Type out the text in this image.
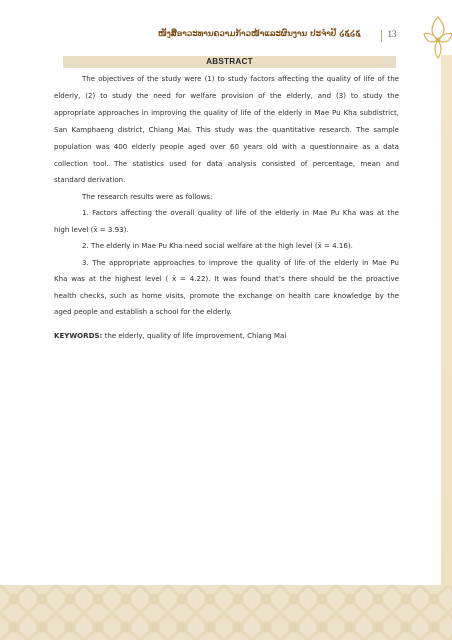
ໜັງສືອາວະທານຄວາມກ້າວໜ້າແລະຜົນງານ ປະຈຳປີ ໒໕໒໕	13
ABSTRACT
The objectives of the study were (1) to study factors affecting the quality of life of the
elderly, (2) to study the need for welfare provision of the elderly, and (3) to study the
appropriate approaches in improving the quality of life of the elderly in Mae Pu Kha subdistrict,
San Kamphaeng district, Chiang Mai. This study was the quantitative research. The sample
population was 400 elderly people aged over 60 years old with a questionnaire as a data
collection tool. The statistics used for data analysis consisted of percentage, mean and
standard derivation.
The research results were as follows:
1. Factors affecting the overall quality of life of the elderly in Mae Pu Kha was at the
high level (x̄ = 3.93).
2. The elderly in Mae Pu Kha need social welfare at the high level (x̄ = 4.16).
3. The appropriate approaches to improve the quality of life of the elderly in Mae Pu
Kha was at the highest level ( x̄ = 4.22). It was found that’s there should be the proactive
health checks, such as home visits, promote the exchange on health care knowledge by the
aged people and establish a school for the elderly.
KEYWORDS: the elderly, quality of life improvement, Chiang Mai
